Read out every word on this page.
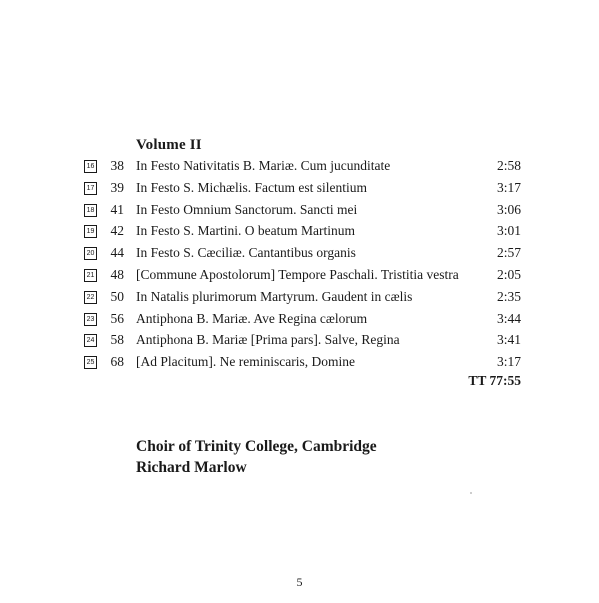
Volume II
16	38 In Festo Nativitatis B. Mariæ. Cum jucunditate	2:58
17	39 In Festo S. Michælis. Factum est silentium	3:17
18	41 In Festo Omnium Sanctorum. Sancti mei	3:06
19	42 In Festo S. Martini. O beatum Martinum	3:01
20	44 In Festo S. Cæciliæ. Cantantibus organis	2:57
21	48 [Commune Apostolorum] Tempore Paschali. Tristitia vestra	2:05
22	50 In Natalis plurimorum Martyrum. Gaudent in cælis	2:35
23	56 Antiphona B. Mariæ. Ave Regina cælorum	3:44
24	58 Antiphona B. Mariæ [Prima pars]. Salve, Regina	3:41
25	68 [Ad Placitum]. Ne reminiscaris, Domine	3:17
TT 77:55
Choir of Trinity College, Cambridge
Richard Marlow
5
